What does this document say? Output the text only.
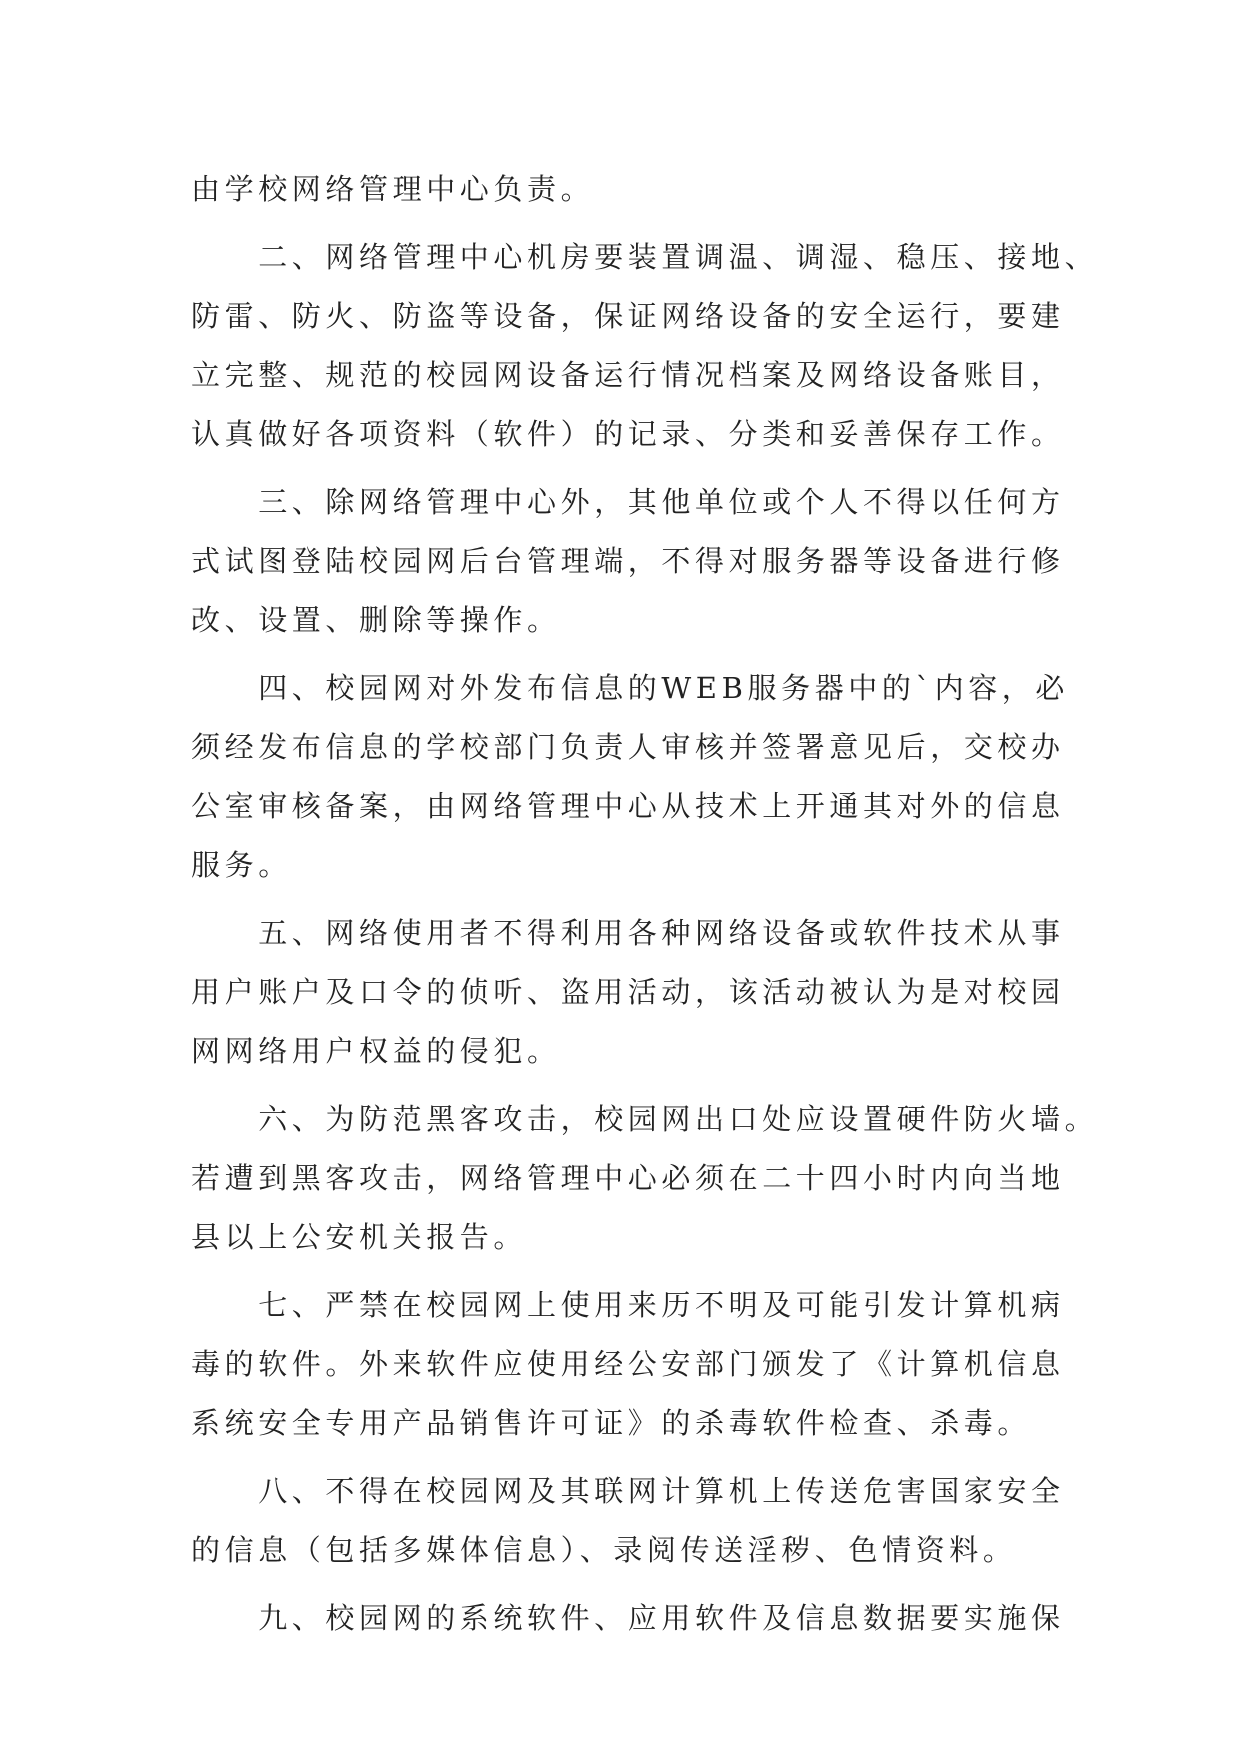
由学校网络管理中心负责。
　　二、网络管理中心机房要装置调温、调湿、稳压、接地、
防雷、防火、防盗等设备，保证网络设备的安全运行，要建
立完整、规范的校园网设备运行情况档案及网络设备账目，
认真做好各项资料（软件）的记录、分类和妥善保存工作。
　　三、除网络管理中心外，其他单位或个人不得以任何方
式试图登陆校园网后台管理端，不得对服务器等设备进行修
改、设置、删除等操作。
　　四、校园网对外发布信息的WEB服务器中的`内容，必
须经发布信息的学校部门负责人审核并签署意见后，交校办
公室审核备案，由网络管理中心从技术上开通其对外的信息
服务。
　　五、网络使用者不得利用各种网络设备或软件技术从事
用户账户及口令的侦听、盗用活动，该活动被认为是对校园
网网络用户权益的侵犯。
　　六、为防范黑客攻击，校园网出口处应设置硬件防火墙。
若遭到黑客攻击，网络管理中心必须在二十四小时内向当地
县以上公安机关报告。
　　七、严禁在校园网上使用来历不明及可能引发计算机病
毒的软件。外来软件应使用经公安部门颁发了《计算机信息
系统安全专用产品销售许可证》的杀毒软件检查、杀毒。
　　八、不得在校园网及其联网计算机上传送危害国家安全
的信息（包括多媒体信息）、录阅传送淫秽、色情资料。
　　九、校园网的系统软件、应用软件及信息数据要实施保
